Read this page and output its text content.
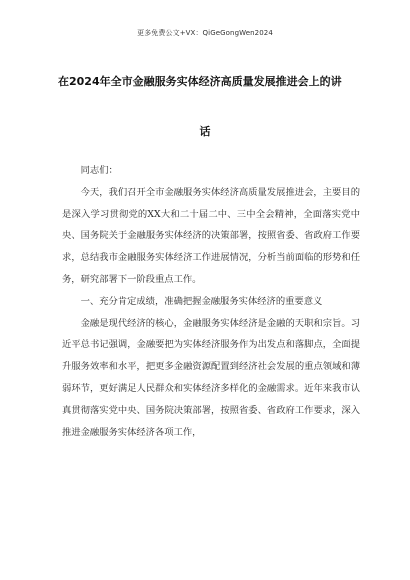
更多免费公文+VX：QiGeGongWen2024
在2024年全市金融服务实体经济高质量发展推进会上的讲
话

同志们：

今天，我们召开全市金融服务实体经济高质量发展推进会，主要目的是深入学习贯彻党的XX大和二十届二中、三中全会精神，全面落实党中央、国务院关于金融服务实体经济的决策部署，按照省委、省政府工作要求，总结我市金融服务实体经济工作进展情况，分析当前面临的形势和任务，研究部署下一阶段重点工作。

一、充分肯定成绩，准确把握金融服务实体经济的重要意义

金融是现代经济的核心，金融服务实体经济是金融的天职和宗旨。习近平总书记强调，金融要把为实体经济服务作为出发点和落脚点，全面提升服务效率和水平，把更多金融资源配置到经济社会发展的重点领域和薄弱环节，更好满足人民群众和实体经济多样化的金融需求。近年来我市认真贯彻落实党中央、国务院决策部署，按照省委、省政府工作要求，深入推进金融服务实体经济各项工作，
